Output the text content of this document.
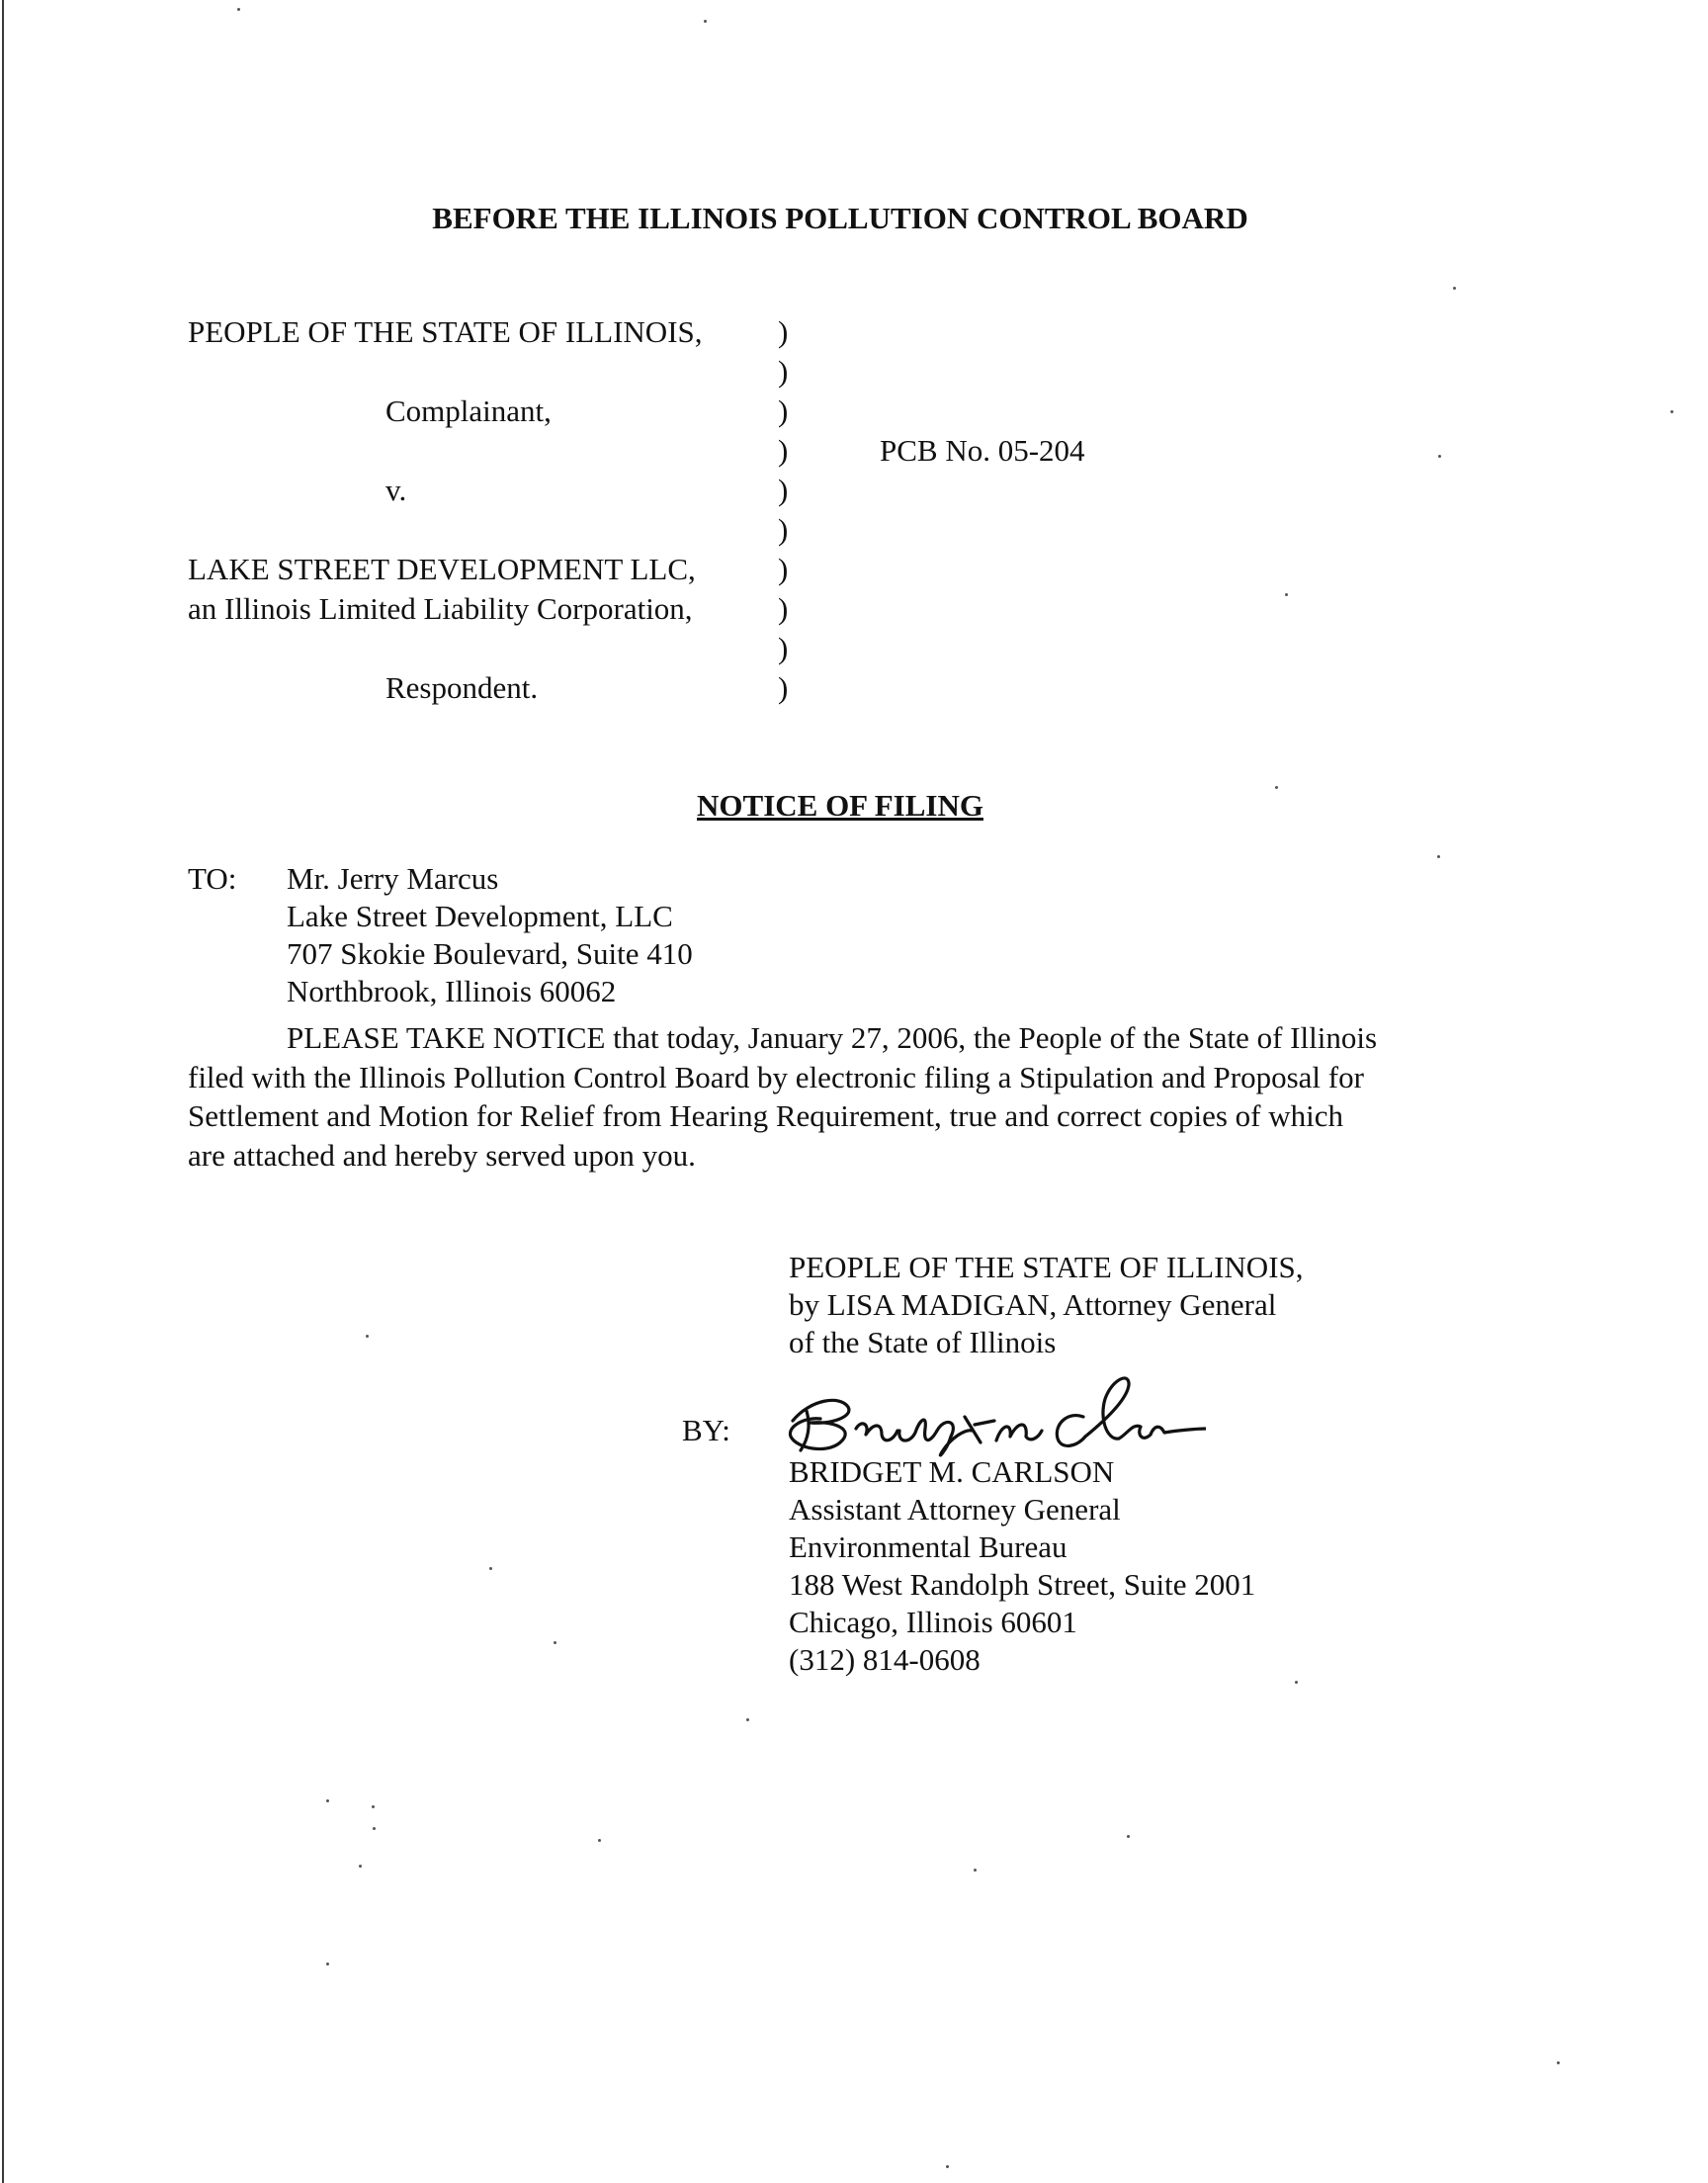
BEFORE THE ILLINOIS POLLUTION CONTROL BOARD
PEOPLE OF THE STATE OF ILLINOIS,
Complainant,
v.
LAKE STREET DEVELOPMENT LLC,
an Illinois Limited Liability Corporation,
Respondent.
PCB No. 05-204
)
)
)
)
)
)
)
)
)
)
NOTICE OF FILING
TO: Mr. Jerry Marcus
Lake Street Development, LLC
707 Skokie Boulevard, Suite 410
Northbrook, Illinois 60062
PLEASE TAKE NOTICE that today, January 27, 2006, the People of the State of Illinois
filed with the Illinois Pollution Control Board by electronic filing a Stipulation and Proposal for
Settlement and Motion for Relief from Hearing Requirement, true and correct copies of which
are attached and hereby served upon you.
PEOPLE OF THE STATE OF ILLINOIS,
by LISA MADIGAN, Attorney General
of the State of Illinois
BY:
BRIDGET M. CARLSON
Assistant Attorney General
Environmental Bureau
188 West Randolph Street, Suite 2001
Chicago, Illinois 60601
(312) 814-0608
